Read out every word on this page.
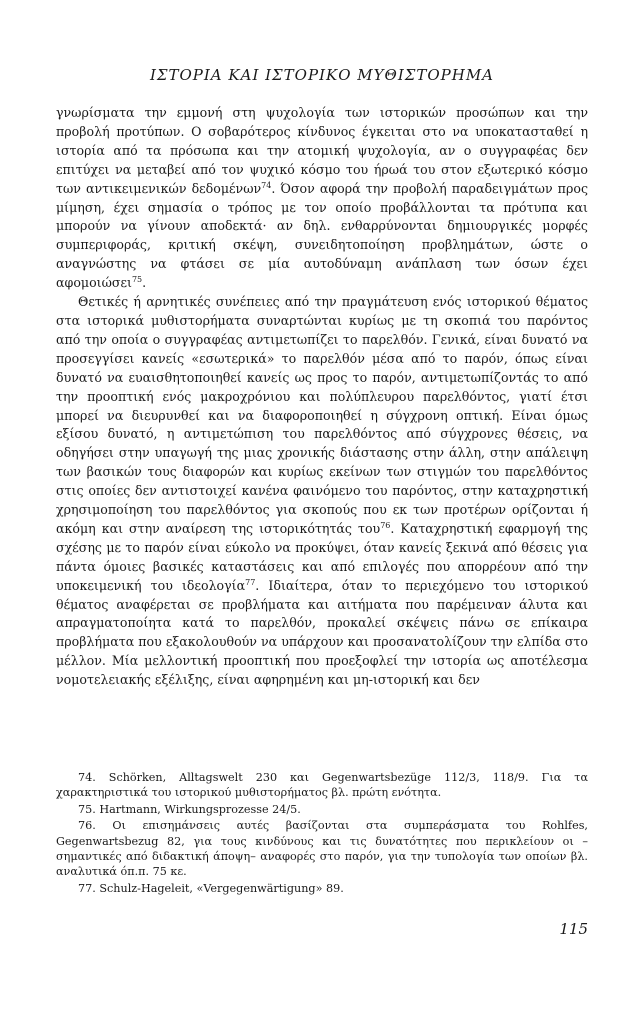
ΙΣΤΟΡΙΑ ΚΑΙ ΙΣΤΟΡΙΚΟ ΜΥΘΙΣΤΟΡΗΜΑ

γνωρίσματα την εμμονή στη ψυχολογία των ιστορικών προσώπων και την προβολή προτύπων. Ο σοβαρότερος κίνδυνος έγκειται στο να υποκατασταθεί η ιστορία από τα πρόσωπα και την ατομική ψυχολογία, αν ο συγγραφέας δεν επιτύχει να μεταβεί από τον ψυχικό κόσμο του ήρωά του στον εξωτερικό κόσμο των αντικειμενικών δεδομένων$^{74}$. Όσον αφορά την προβολή παραδειγμάτων προς μίμηση, έχει σημασία ο τρόπος με τον οποίο προβάλλονται τα πρότυπα και μπορούν να γίνουν αποδεκτά· αν δηλ. ενθαρρύνονται δημιουργικές μορφές συμπεριφοράς, κριτική σκέψη, συνειδητοποίηση προβλημάτων, ώστε ο αναγνώστης να φτάσει σε μία αυτοδύναμη ανάπλαση των όσων έχει αφομοιώσει$^{75}$.

Θετικές ή αρνητικές συνέπειες από την πραγμάτευση ενός ιστορικού θέματος στα ιστορικά μυθιστορήματα συναρτώνται κυρίως με τη σκοπιά του παρόντος από την οποία ο συγγραφέας αντιμετωπίζει το παρελθόν. Γενικά, είναι δυνατό να προσεγγίσει κανείς «εσωτερικά» το παρελθόν μέσα από το παρόν, όπως είναι δυνατό να ευαισθητοποιηθεί κανείς ως προς το παρόν, αντιμετωπίζοντάς το από την προοπτική ενός μακροχρόνιου και πολύπλευρου παρελθόντος, γιατί έτσι μπορεί να διευρυνθεί και να διαφοροποιηθεί η σύγχρονη οπτική. Είναι όμως εξίσου δυνατό, η αντιμετώπιση του παρελθόντος από σύγχρονες θέσεις, να οδηγήσει στην υπαγωγή της μιας χρονικής διάστασης στην άλλη, στην απάλειψη των βασικών τους διαφορών και κυρίως εκείνων των στιγμών του παρελθόντος στις οποίες δεν αντιστοιχεί κανένα φαινόμενο του παρόντος, στην καταχρηστική χρησιμοποίηση του παρελθόντος για σκοπούς που εκ των προτέρων ορίζονται ή ακόμη και στην αναίρεση της ιστορικότητάς του$^{76}$. Καταχρηστική εφαρμογή της σχέσης με το παρόν είναι εύκολο να προκύψει, όταν κανείς ξεκινά από θέσεις για πάντα όμοιες βασικές καταστάσεις και από επιλογές που απορρέουν από την υποκειμενική του ιδεολογία$^{77}$. Ιδιαίτερα, όταν το περιεχόμενο του ιστορικού θέματος αναφέρεται σε προβλήματα και αιτήματα που παρέμειναν άλυτα και απραγματοποίητα κατά το παρελθόν, προκαλεί σκέψεις πάνω σε επίκαιρα προβλήματα που εξακολουθούν να υπάρχουν και προσανατολίζουν την ελπίδα στο μέλλον. Μία μελλοντική προοπτική που προεξοφλεί την ιστορία ως αποτέλεσμα νομοτελειακής εξέλιξης, είναι αφηρημένη και μη-ιστορική και δεν

74. Schörken, Alltagswelt 230 και Gegenwartsbezüge 112/3, 118/9. Για τα χαρακτηριστικά του ιστορικού μυθιστορήματος βλ. πρώτη ενότητα.

75. Hartmann, Wirkungsprozesse 24/5.

76. Οι επισημάνσεις αυτές βασίζονται στα συμπεράσματα του Rohlfes, Gegenwartsbezug 82, για τους κινδύνους και τις δυνατότητες που περικλείουν οι –σημαντικές από διδακτική άποψη– αναφορές στο παρόν, για την τυπολογία των οποίων βλ. αναλυτικά όπ.π. 75 κε.

77. Schulz-Hageleit, «Vergegenwärtigung» 89.

115
